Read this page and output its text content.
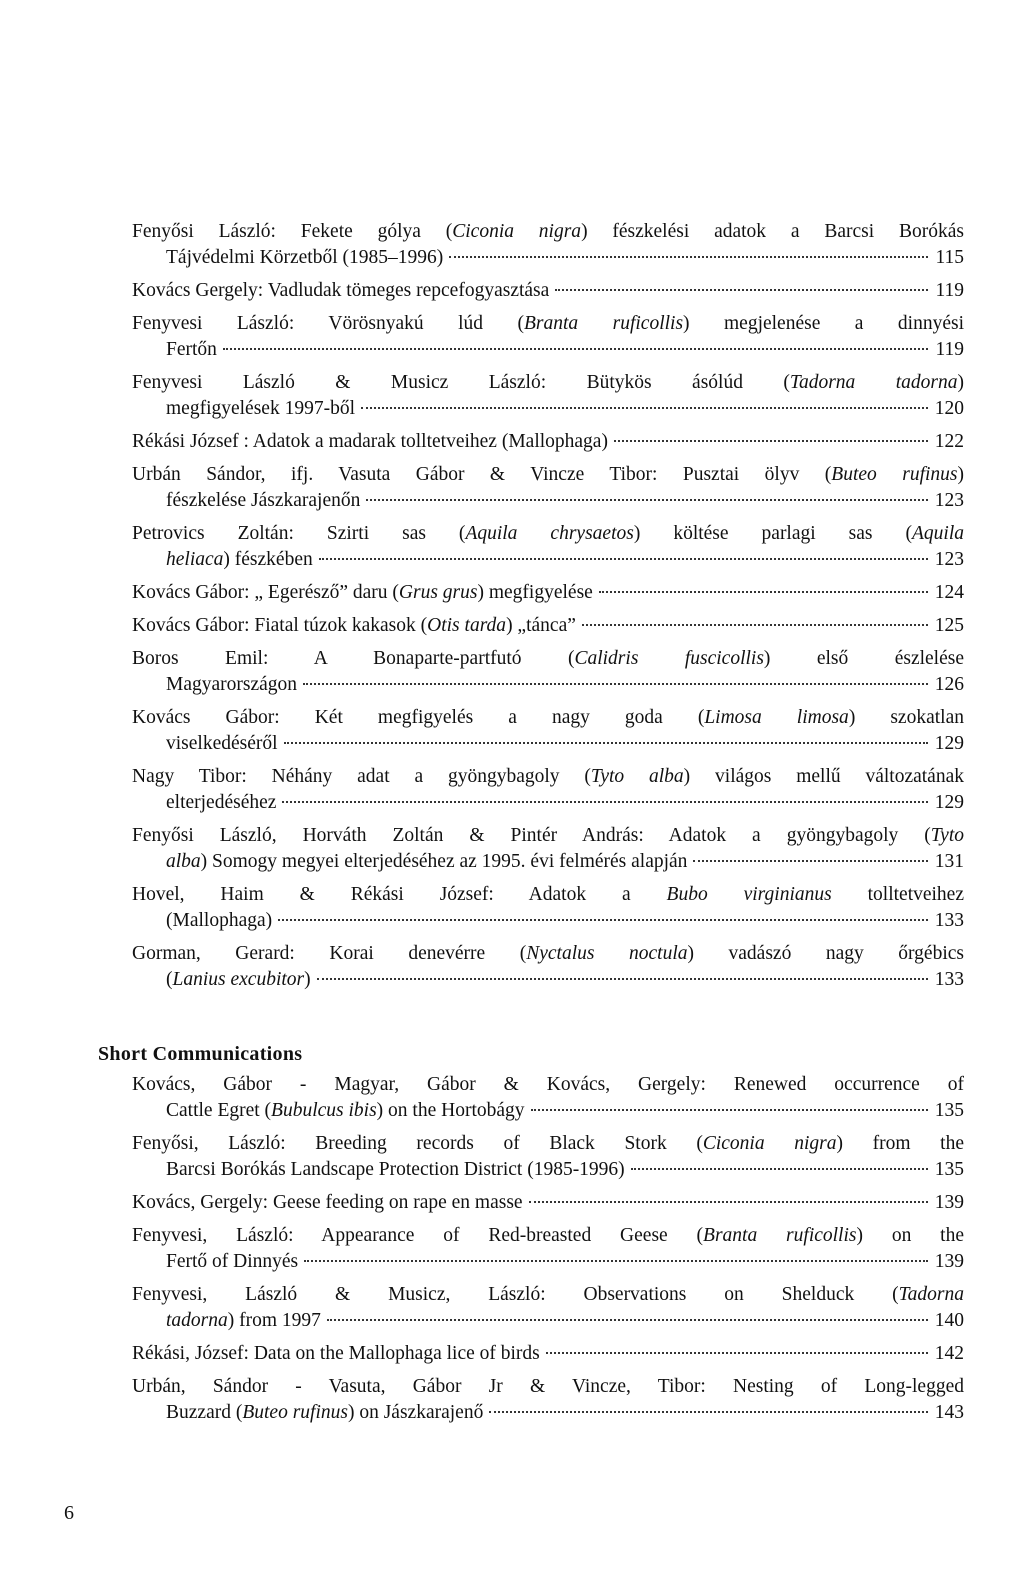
Fenyősi László: Fekete gólya (Ciconia nigra) fészkelési adatok a Barcsi Borókás
Tájvédelmi Körzetből (1985–1996)	115
Kovács Gergely: Vadludak tömeges repcefogyasztása	119
Fenyvesi László: Vörösnyakú lúd (Branta ruficollis) megjelenése a dinnyési
Fertőn	119
Fenyvesi László & Musicz László: Bütykös ásólúd (Tadorna tadorna)
megfigyelések 1997-ből	120
Rékási József : Adatok a madarak tolltetveihez (Mallophaga)	122
Urbán Sándor, ifj. Vasuta Gábor & Vincze Tibor: Pusztai ölyv (Buteo rufinus)
fészkelése Jászkarajenőn	123
Petrovics Zoltán: Szirti sas (Aquila chrysaetos) költése parlagi sas (Aquila
heliaca) fészkében	123
Kovács Gábor: „ Egerésző” daru (Grus grus) megfigyelése	124
Kovács Gábor: Fiatal túzok kakasok (Otis tarda) „tánca”	125
Boros Emil: A Bonaparte-partfutó (Calidris fuscicollis) első észlelése
Magyarországon	126
Kovács Gábor: Két megfigyelés a nagy goda (Limosa limosa) szokatlan
viselkedéséről	129
Nagy Tibor: Néhány adat a gyöngybagoly (Tyto alba) világos mellű változatának
elterjedéséhez	129
Fenyősi László, Horváth Zoltán & Pintér András: Adatok a gyöngybagoly (Tyto
alba) Somogy megyei elterjedéséhez az 1995. évi felmérés alapján	131
Hovel, Haim & Rékási József: Adatok a Bubo virginianus tolltetveihez
(Mallophaga)	133
Gorman, Gerard: Korai denevérre (Nyctalus noctula) vadászó nagy őrgébics
(Lanius excubitor)	133
Short Communications
Kovács, Gábor - Magyar, Gábor & Kovács, Gergely: Renewed occurrence of
Cattle Egret (Bubulcus ibis) on the Hortobágy	135
Fenyősi, László: Breeding records of Black Stork (Ciconia nigra) from the
Barcsi Borókás Landscape Protection District (1985-1996)	135
Kovács, Gergely: Geese feeding on rape en masse	139
Fenyvesi, László: Appearance of Red-breasted Geese (Branta ruficollis) on the
Fertő of Dinnyés	139
Fenyvesi, László & Musicz, László: Observations on Shelduck (Tadorna
tadorna) from 1997	140
Rékási, József: Data on the Mallophaga lice of birds	142
Urbán, Sándor - Vasuta, Gábor Jr & Vincze, Tibor: Nesting of Long-legged
Buzzard (Buteo rufinus) on Jászkarajenő	143
6
